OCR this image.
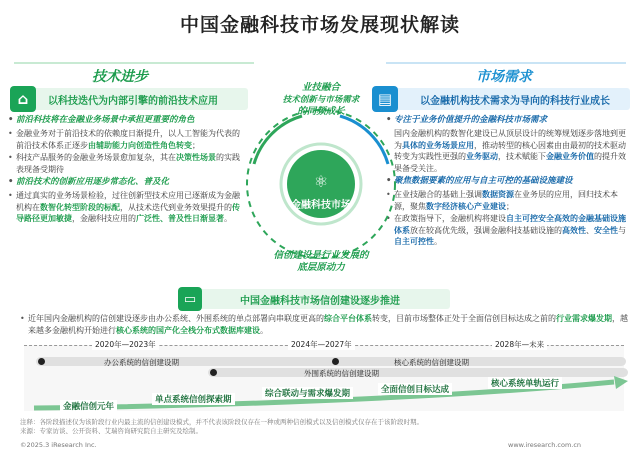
中国金融科技市场发展现状解读
技术进步
以科技迭代为内部引擎的前沿技术应用
⌂
• 前沿科技将在金融业务场景中承担更重要的角色
• 金融业务对于前沿技术的依赖度日渐提升，以人工智能为代表的前沿技术体系正逐步由辅助能力向创造性角色转变；
• 科技产品服务的金融业务场景愈加复杂，其在决策性场景的实践表现备受期待
• 前沿技术的创新应用逐步常态化、普及化
• 通过真实的业务场景检验，过往创新型技术应用已逐渐成为金融机构在数智化转型阶段的标配，从技术迭代到业务效果提升的传导路径更加敏捷，金融科技应用的广泛性、普及性日渐显著。
市场需求
以金融机构技术需求为导向的科技行业成长
▤
• 专注于业务价值提升的金融科技市场需求
国内金融机构的数智化建设已从顶层设计的统筹规划逐步落地到更为具体的业务场景应用，推动转型的核心因素由由最初的技术驱动转变为实践性更强的业务驱动，技术赋能下金融业务价值的提升效果备受关注。
• 聚焦数据要素的应用与自主可控的基础设施建设
• 在业技融合的基础上强调数据资源在业务层的应用，回归技术本源，聚焦数字经济核心产业建设；
• 在政策指导下，金融机构将建设自主可控安全高效的金融基础设施体系放在较高优先级，强调金融科技基础设施的高效性、安全性与自主可控性。
业技融合
技术创新与市场需求
的同频成长
⚛
金融科技市场
信创建设是行业发展的
底层原动力
中国金融科技市场信创建设逐步推进
▭
• 近年国内金融机构的信创建设逐步由办公系统、外围系统的单点部署向串联度更高的综合平台体系转变，目前市场整体正处于全面信创目标达成之前的行业需求爆发期，越来越多金融机构开始进行核心系统的国产化全栈分布式数据库建设。
2020年—2023年	2024年—2027年	2028年—未来
办公系统的信创建设期
外围系统的信创建设期
核心系统的信创建设期
金融信创元年
单点系统信创探索期
综合联动与需求爆发期	全面信创目标达成
核心系统单轨运行
注释：各阶段描述仅为该阶段行业内最主流的信创建设模式，并不代表该阶段仅存在一种或两种信创模式以及信创模式仅存在于该阶段时期。
来源：专家访谈、公开资料、艾瑞咨询研究院自主研究及绘制。
©2025.3 iResearch Inc.	www.iresearch.com.cn
